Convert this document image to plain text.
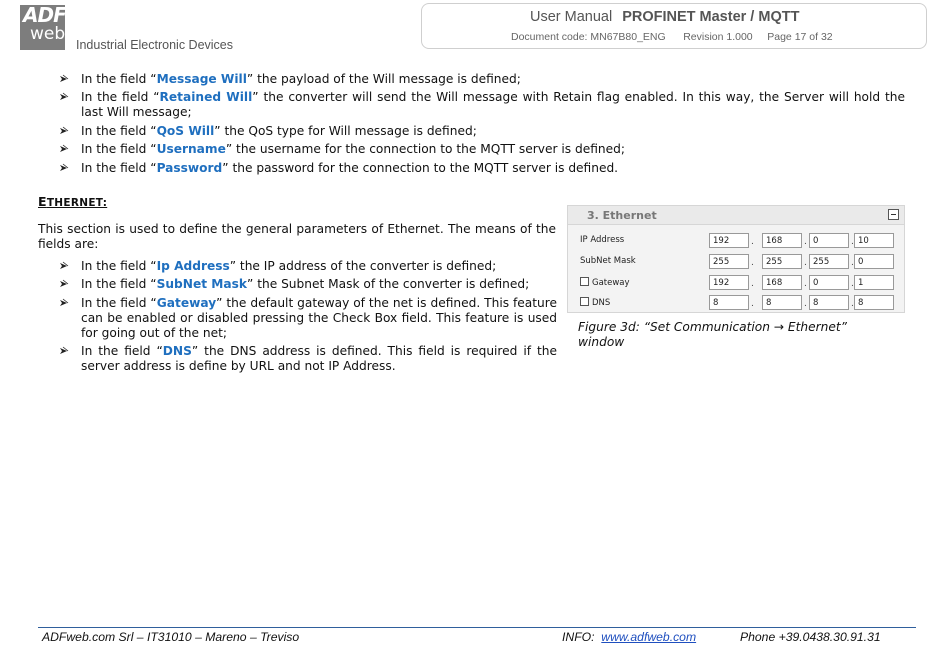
ADF
web
Industrial Electronic Devices
User Manual PROFINET Master / MQTT
Document code: MN67B80_ENG Revision 1.000 Page 17 of 32
In the field “Message Will” the payload of the Will message is defined;
In the field “Retained Will” the converter will send the Will message with Retain flag enabled. In this way, the Server will hold the last Will message;
In the field “QoS Will” the QoS type for Will message is defined;
In the field “Username” the username for the connection to the MQTT server is defined;
In the field “Password” the password for the connection to the MQTT server is defined.
ETHERNET:
This section is used to define the general parameters of Ethernet. The means of the fields are:
In the field “Ip Address” the IP address of the converter is defined;
In the field “SubNet Mask” the Subnet Mask of the converter is defined;
In the field “Gateway” the default gateway of the net is defined. This feature can be enabled or disabled pressing the Check Box field. This feature is used for going out of the net;
In the field “DNS” the DNS address is defined. This field is required if the server address is define by URL and not IP Address.
3. Ethernet
IP Address	192	.	168	. 0	. 10
SubNet Mask	255	.	255	. 255	. 0
Gateway	192	.	168	. 0	. 1
DNS	8	.	8	. 8	. 8
Figure 3d: “Set Communication → Ethernet” window
ADFweb.com Srl – IT31010 – Mareno – Treviso	INFO: www.adfweb.com	Phone +39.0438.30.91.31
